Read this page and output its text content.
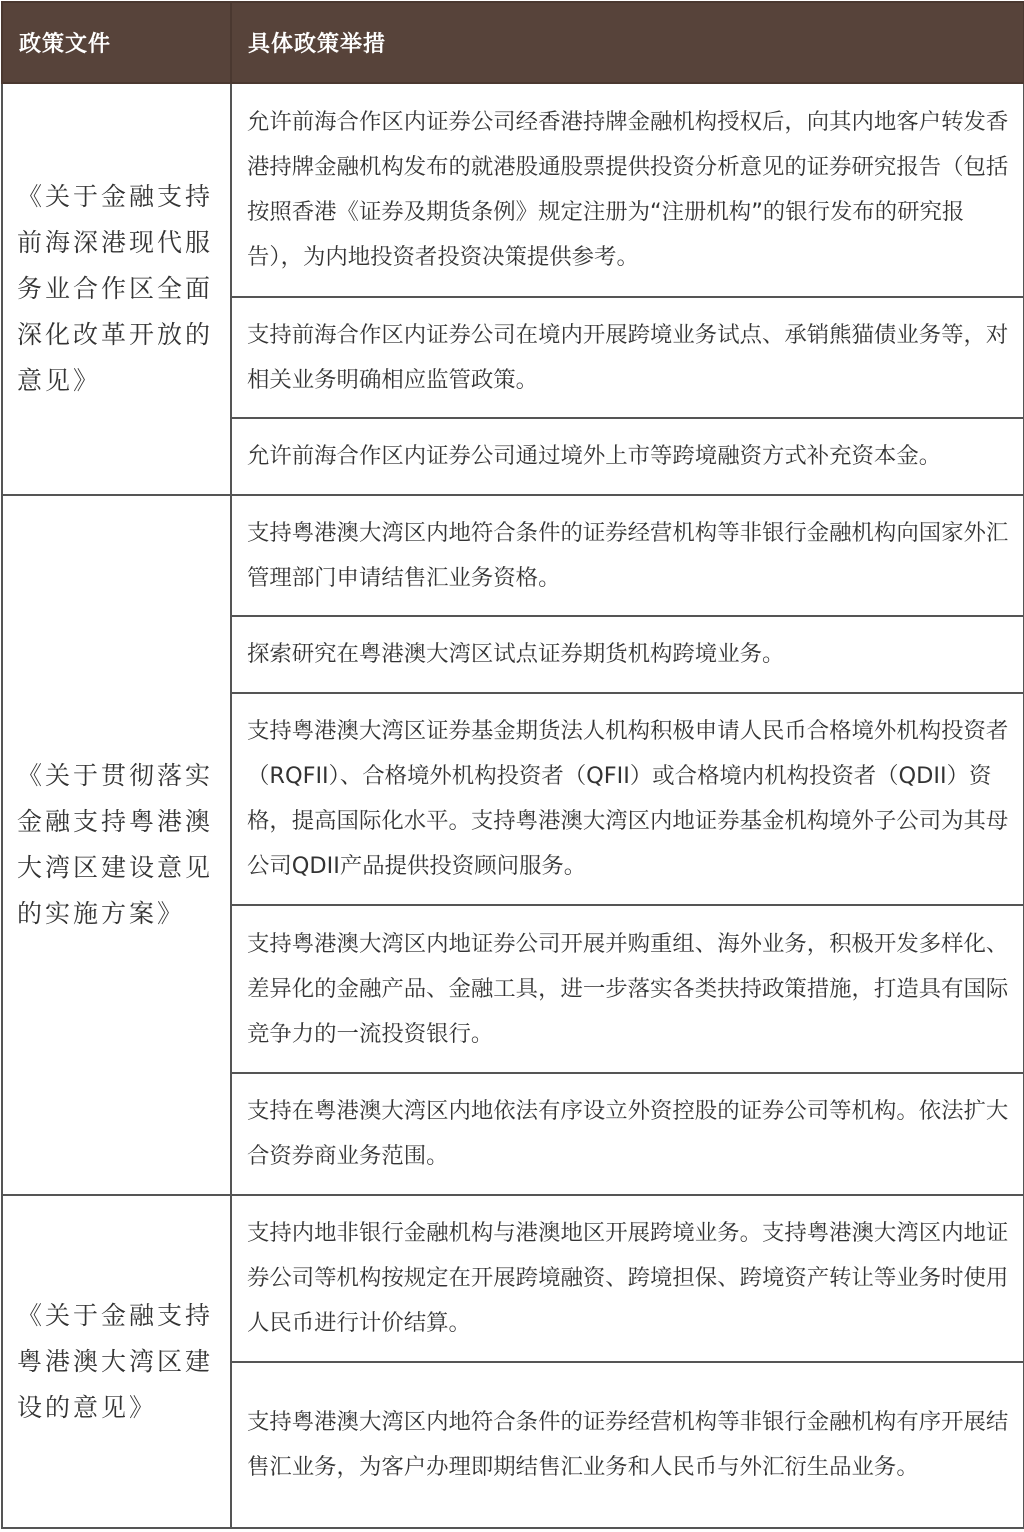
政策文件	具体政策举措

《关于金融支持前海深港现代服务业合作区全面深化改革开放的意见》	允许前海合作区内证券公司经香港持牌金融机构授权后，向其内地客户转发香港持牌金融机构发布的就港股通股票提供投资分析意见的证券研究报告（包括按照香港《证券及期货条例》规定注册为“注册机构”的银行发布的研究报告），为内地投资者投资决策提供参考。

	支持前海合作区内证券公司在境内开展跨境业务试点、承销熊猫债业务等，对相关业务明确相应监管政策。

	允许前海合作区内证券公司通过境外上市等跨境融资方式补充资本金。

《关于贯彻落实金融支持粤港澳大湾区建设意见的实施方案》	支持粤港澳大湾区内地符合条件的证券经营机构等非银行金融机构向国家外汇管理部门申请结售汇业务资格。

	探索研究在粤港澳大湾区试点证券期货机构跨境业务。

	支持粤港澳大湾区证券基金期货法人机构积极申请人民币合格境外机构投资者（RQFII）、合格境外机构投资者（QFII）或合格境内机构投资者（QDII）资格，提高国际化水平。支持粤港澳大湾区内地证券基金机构境外子公司为其母公司QDII产品提供投资顾问服务。

	支持粤港澳大湾区内地证券公司开展并购重组、海外业务，积极开发多样化、差异化的金融产品、金融工具，进一步落实各类扶持政策措施，打造具有国际竞争力的一流投资银行。

	支持在粤港澳大湾区内地依法有序设立外资控股的证券公司等机构。依法扩大合资券商业务范围。

《关于金融支持粤港澳大湾区建设的意见》	支持内地非银行金融机构与港澳地区开展跨境业务。支持粤港澳大湾区内地证券公司等机构按规定在开展跨境融资、跨境担保、跨境资产转让等业务时使用人民币进行计价结算。

	支持粤港澳大湾区内地符合条件的证券经营机构等非银行金融机构有序开展结售汇业务，为客户办理即期结售汇业务和人民币与外汇衍生品业务。
